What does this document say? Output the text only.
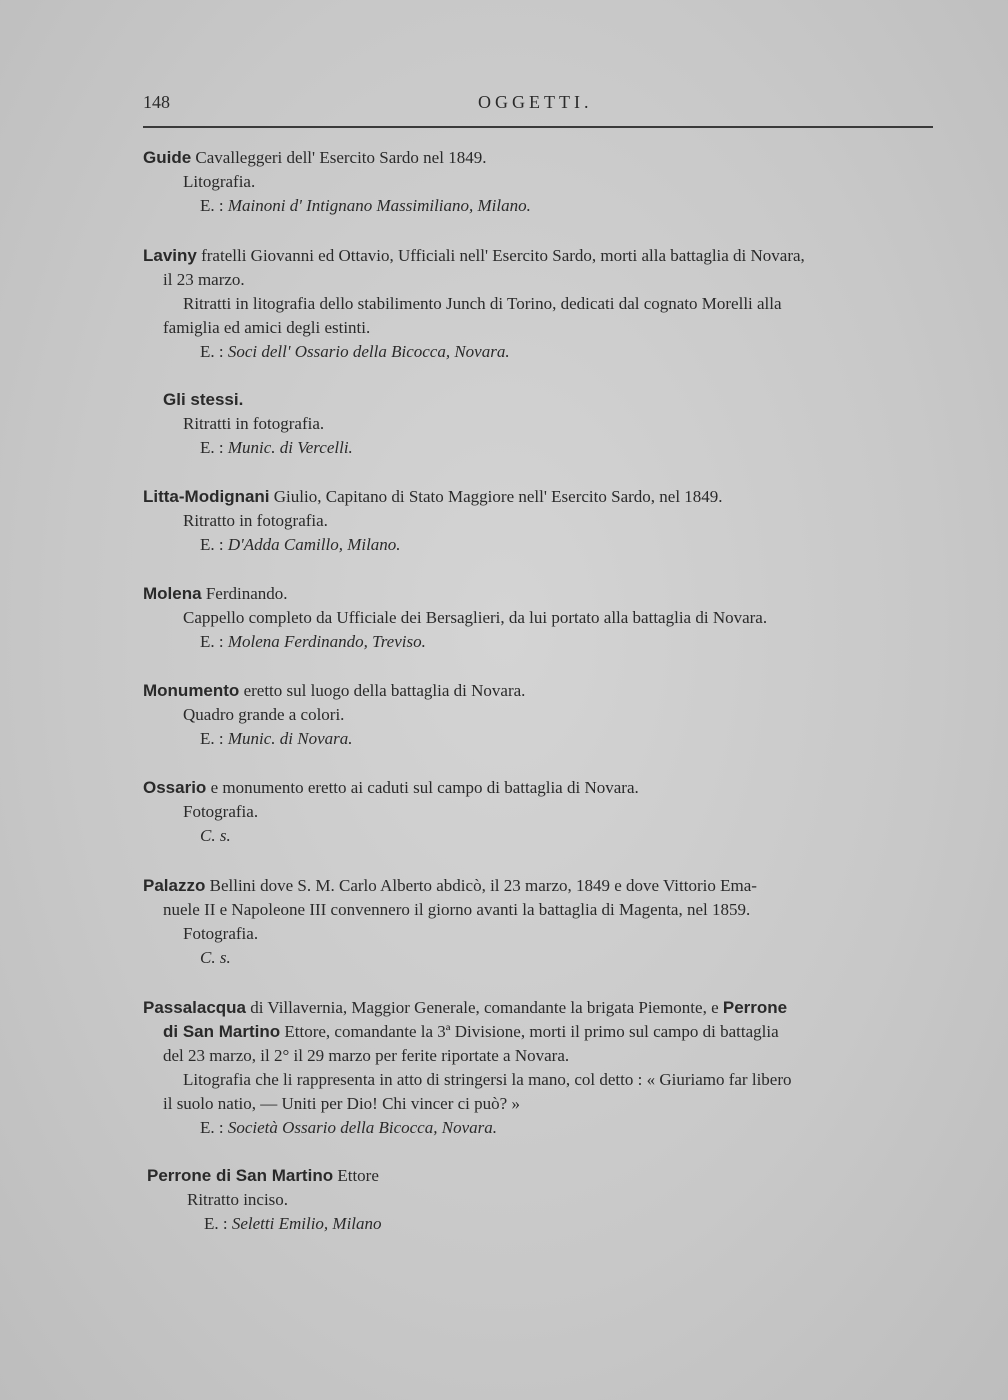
148	OGGETTI.
Guide Cavalleggeri dell' Esercito Sardo nel 1849.
Litografia.
E. : Mainoni d' Intignano Massimiliano, Milano.
Laviny fratelli Giovanni ed Ottavio, Ufficiali nell' Esercito Sardo, morti alla battaglia di Novara,
il 23 marzo.
Ritratti in litografia dello stabilimento Junch di Torino, dedicati dal cognato Morelli alla
famiglia ed amici degli estinti.
E. : Soci dell' Ossario della Bicocca, Novara.
Gli stessi.
Ritratti in fotografia.
E. : Munic. di Vercelli.
Litta-Modignani Giulio, Capitano di Stato Maggiore nell' Esercito Sardo, nel 1849.
Ritratto in fotografia.
E. : D'Adda Camillo, Milano.
Molena Ferdinando.
Cappello completo da Ufficiale dei Bersaglieri, da lui portato alla battaglia di Novara.
E. : Molena Ferdinando, Treviso.
Monumento eretto sul luogo della battaglia di Novara.
Quadro grande a colori.
E. : Munic. di Novara.
Ossario e monumento eretto ai caduti sul campo di battaglia di Novara.
Fotografia.
C. s.
Palazzo Bellini dove S. M. Carlo Alberto abdicò, il 23 marzo, 1849 e dove Vittorio Ema-
nuele II e Napoleone III convennero il giorno avanti la battaglia di Magenta, nel 1859.
Fotografia.
C. s.
Passalacqua di Villavernia, Maggior Generale, comandante la brigata Piemonte, e Perrone
di San Martino Ettore, comandante la 3ª Divisione, morti il primo sul campo di battaglia
del 23 marzo, il 2° il 29 marzo per ferite riportate a Novara.
Litografia che li rappresenta in atto di stringersi la mano, col detto : « Giuriamo far libero
il suolo natio, — Uniti per Dio! Chi vincer ci può? »
E. : Società Ossario della Bicocca, Novara.
Perrone di San Martino Ettore
Ritratto inciso.
E. : Seletti Emilio, Milano
